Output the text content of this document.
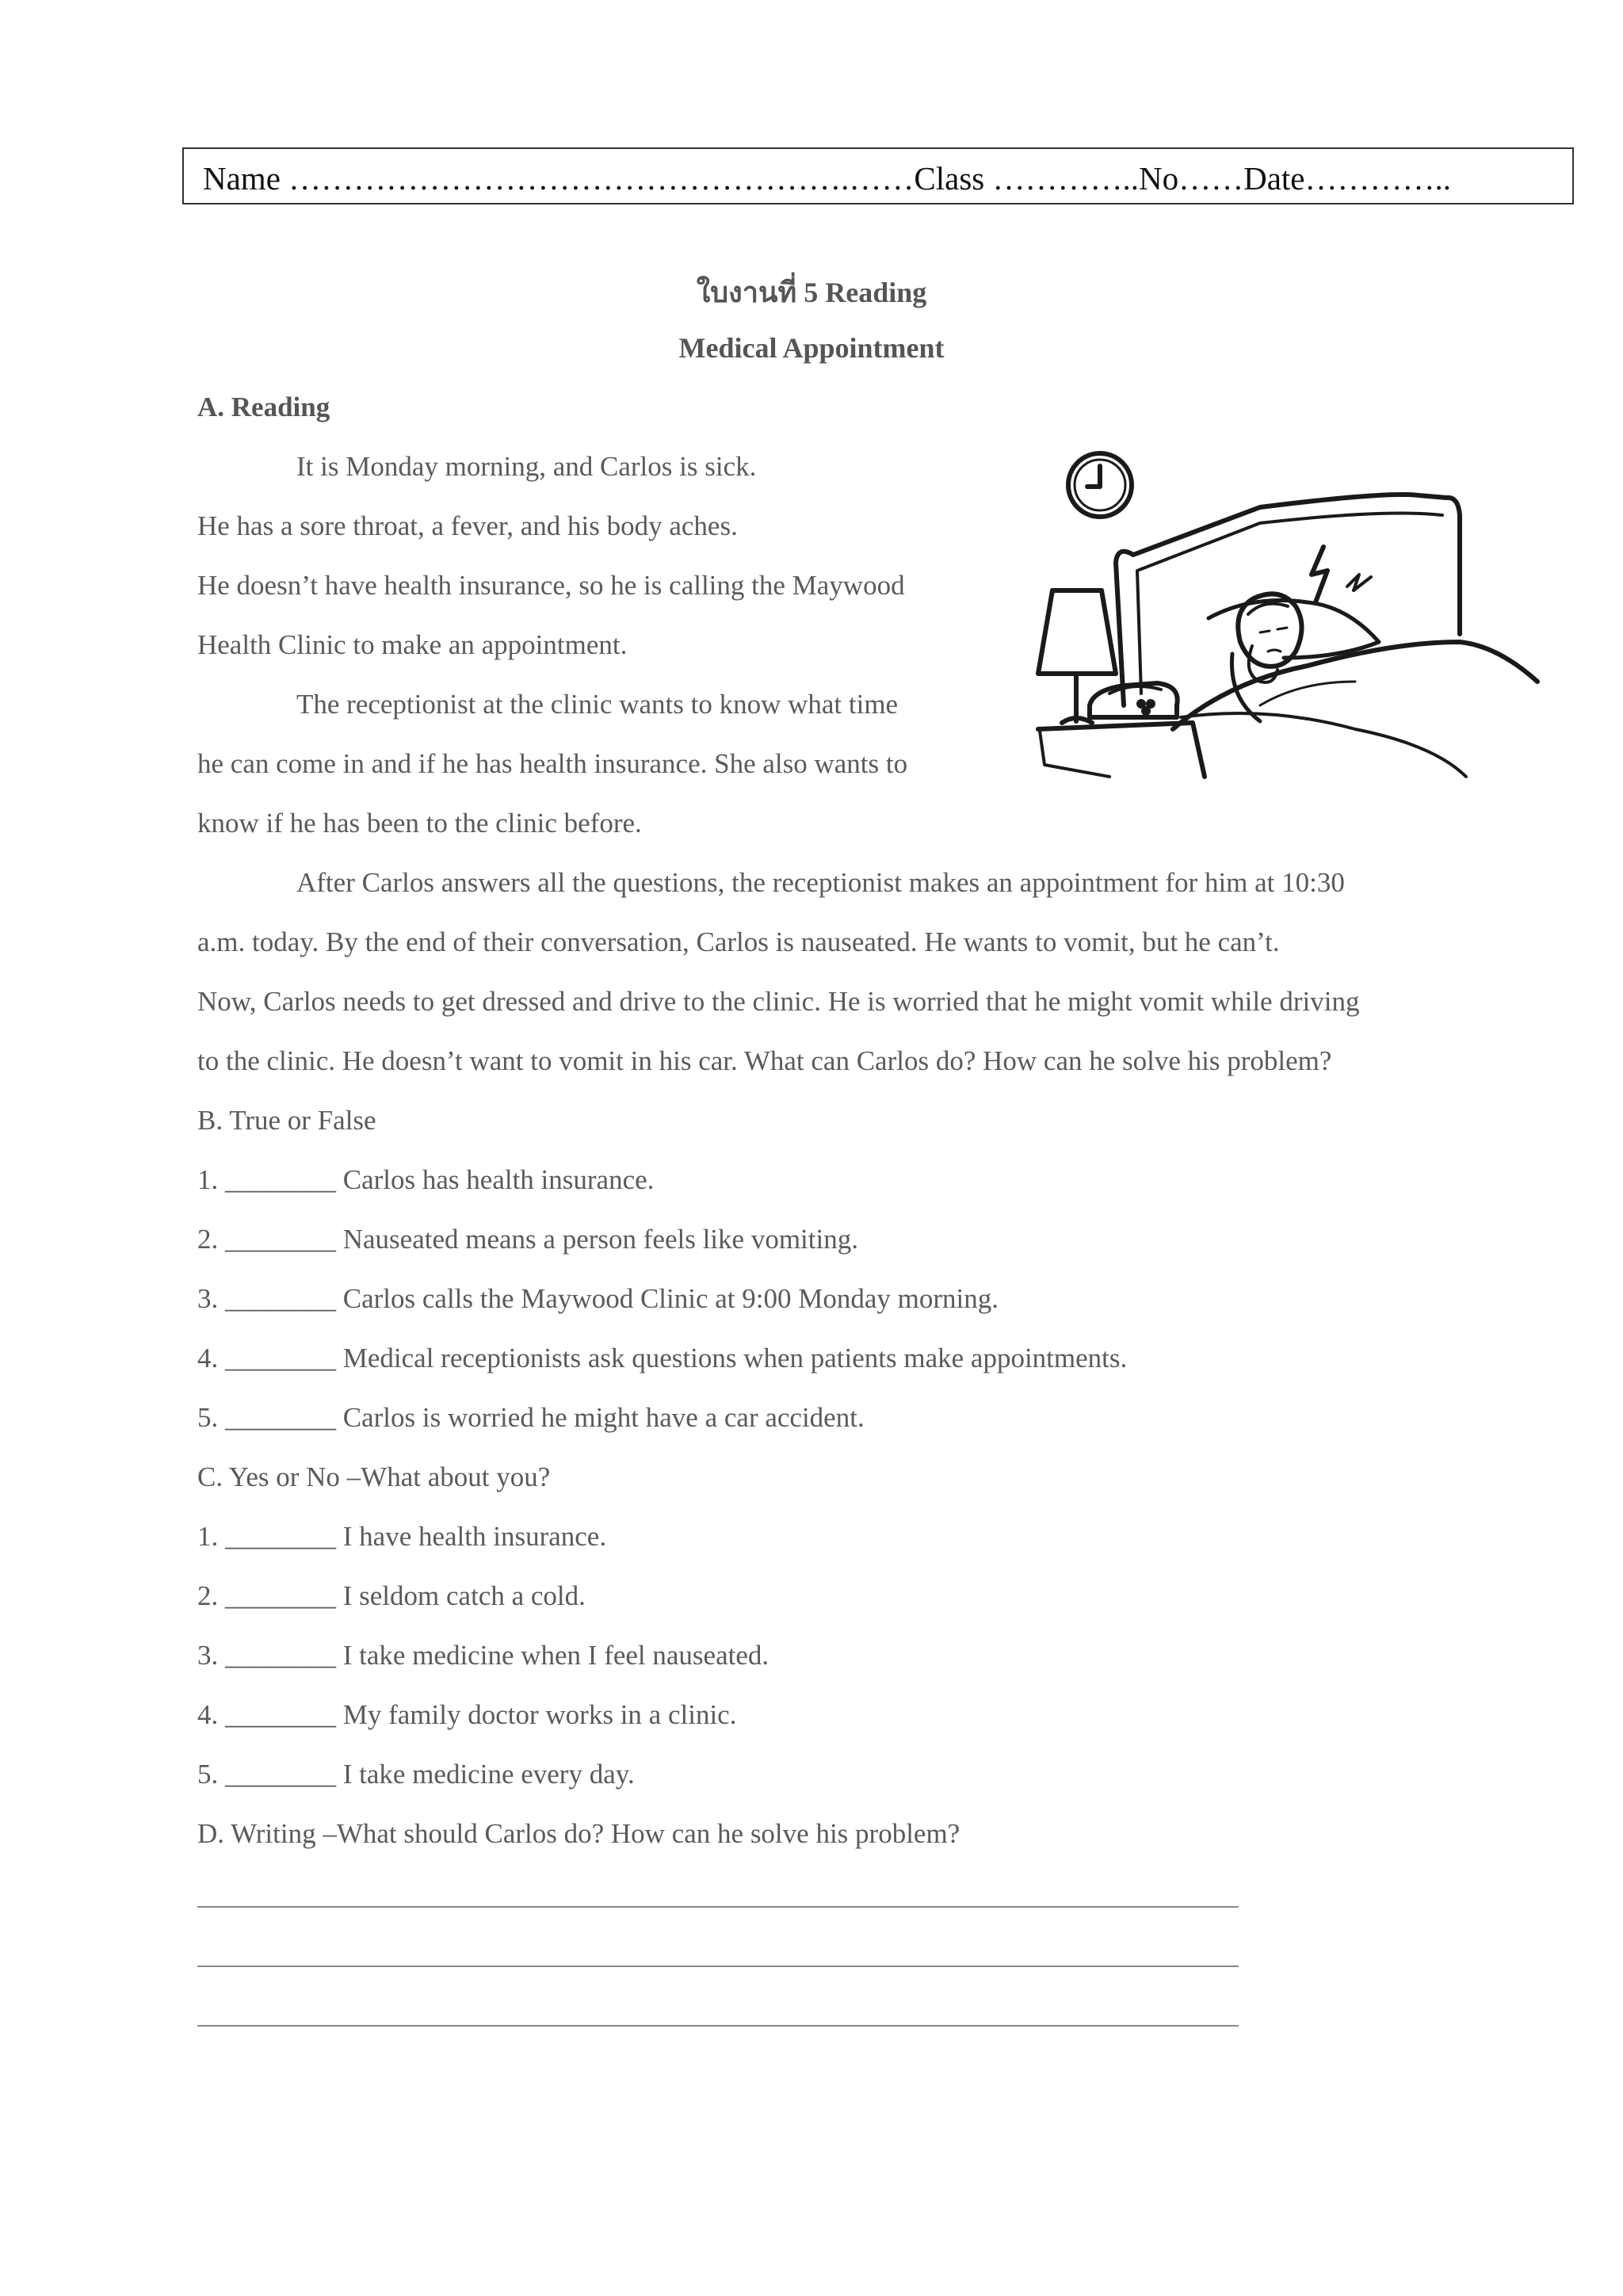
Name …………………………………………….……Class …………..No……Date…………..
ใบงานที่ 5 Reading
Medical Appointment
A. Reading
It is Monday morning, and Carlos is sick.
He has a sore throat, a fever, and his body aches.
He doesn’t have health insurance, so he is calling the Maywood
Health Clinic to make an appointment.
The receptionist at the clinic wants to know what time
he can come in and if he has health insurance. She also wants to
know if he has been to the clinic before.
After Carlos answers all the questions, the receptionist makes an appointment for him at 10:30
a.m. today. By the end of their conversation, Carlos is nauseated. He wants to vomit, but he can’t.
Now, Carlos needs to get dressed and drive to the clinic. He is worried that he might vomit while driving
to the clinic. He doesn’t want to vomit in his car. What can Carlos do? How can he solve his problem?
B. True or False
1. ________ Carlos has health insurance.
2. ________ Nauseated means a person feels like vomiting.
3. ________ Carlos calls the Maywood Clinic at 9:00 Monday morning.
4. ________ Medical receptionists ask questions when patients make appointments.
5. ________ Carlos is worried he might have a car accident.
C. Yes or No –What about you?
1. ________ I have health insurance.
2. ________ I seldom catch a cold.
3. ________ I take medicine when I feel nauseated.
4. ________ My family doctor works in a clinic.
5. ________ I take medicine every day.
D. Writing –What should Carlos do? How can he solve his problem?
